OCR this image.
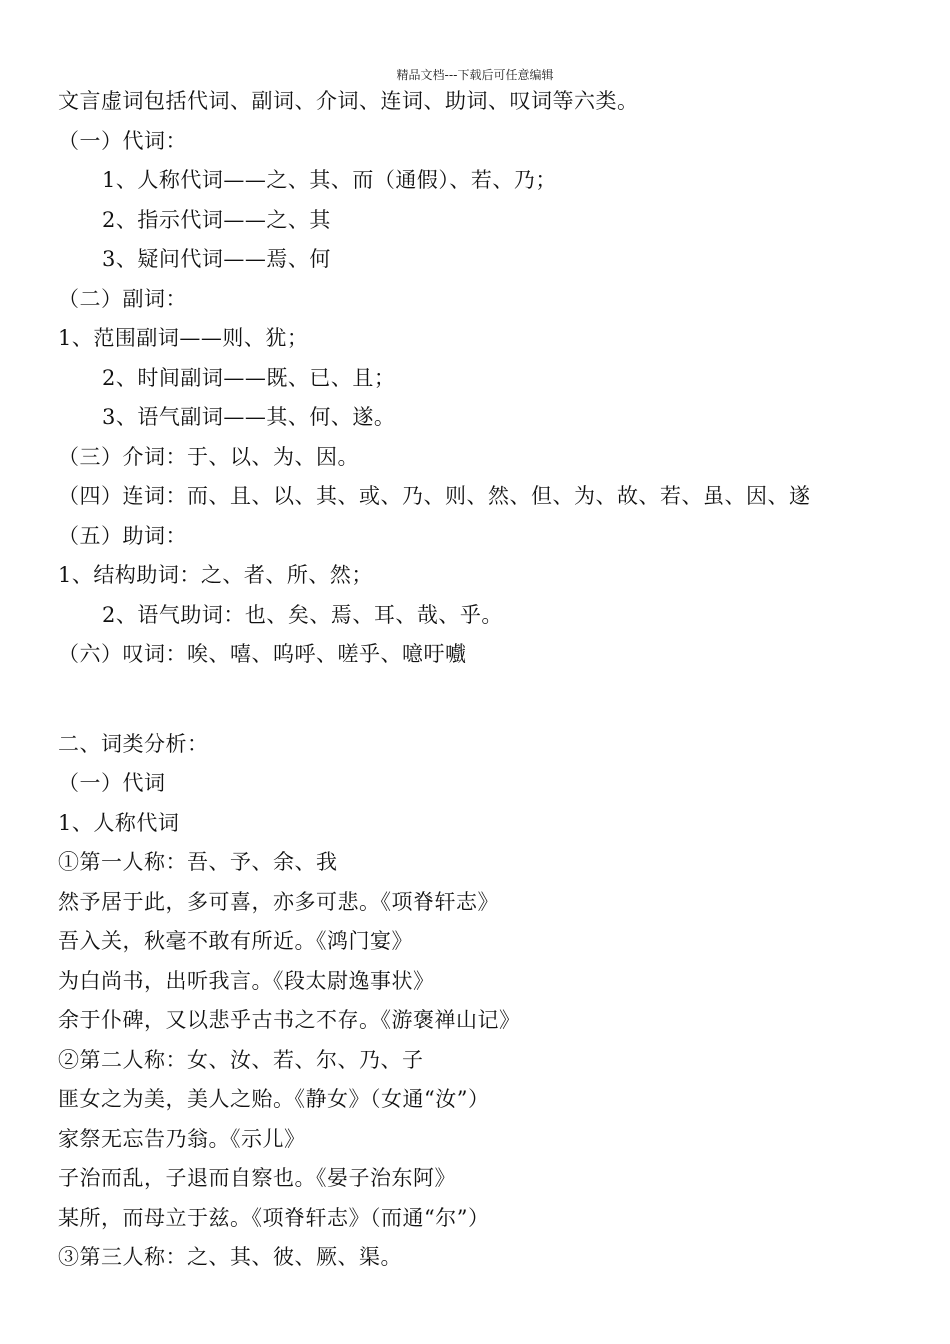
精品文档---下载后可任意编辑
文言虚词包括代词、副词、介词、连词、助词、叹词等六类。
（一）代词：
1、人称代词——之、其、而（通假）、若、乃；
2、指示代词——之、其
3、疑问代词——焉、何
（二）副词：
1、范围副词——则、犹；
2、时间副词——既、已、且；
3、语气副词——其、何、遂。
（三）介词：于、以、为、因。
（四）连词：而、且、以、其、或、乃、则、然、但、为、故、若、虽、因、遂
（五）助词：
1、结构助词：之、者、所、然；
2、语气助词：也、矣、焉、耳、哉、乎。
（六）叹词：唉、嘻、呜呼、嗟乎、噫吁嚱
二、词类分析：
（一）代词
1、人称代词
①第一人称：吾、予、余、我
然予居于此，多可喜，亦多可悲。《项脊轩志》
吾入关，秋毫不敢有所近。《鸿门宴》
为白尚书，出听我言。《段太尉逸事状》
余于仆碑，又以悲乎古书之不存。《游褒禅山记》
②第二人称：女、汝、若、尔、乃、子
匪女之为美，美人之贻。《静女》（女通“汝”）
家祭无忘告乃翁。《示儿》
子治而乱，子退而自察也。《晏子治东阿》
某所，而母立于兹。《项脊轩志》（而通“尔”）
③第三人称：之、其、彼、厥、渠。
